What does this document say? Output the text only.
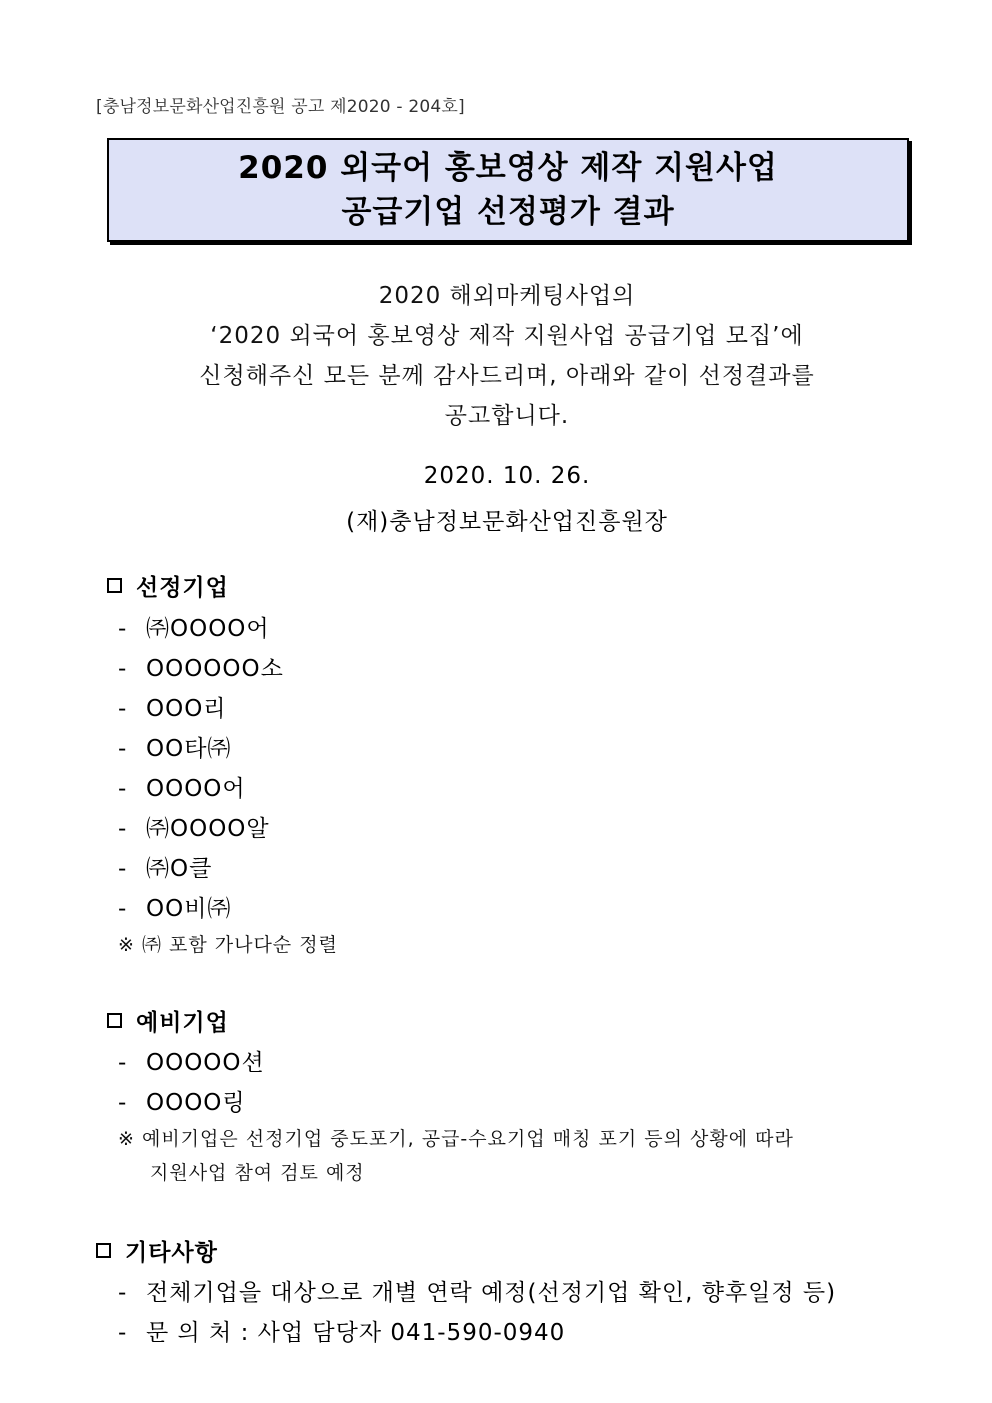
[충남정보문화산업진흥원 공고 제2020 - 204호]
2020 외국어 홍보영상 제작 지원사업
공급기업 선정평가 결과
2020 해외마케팅사업의
‘2020 외국어 홍보영상 제작 지원사업 공급기업 모집’에
신청해주신 모든 분께 감사드리며, 아래와 같이 선정결과를
공고합니다.
2020. 10. 26.
(재)충남정보문화산업진흥원장
선정기업
- ㈜OOOO어
- OOOOOO소
- OOO리
- OO타㈜
- OOOO어
- ㈜OOOO알
- ㈜O클
- OO비㈜
※ ㈜ 포함 가나다순 정렬
예비기업
- OOOOO션
- OOOO링
※ 예비기업은 선정기업 중도포기, 공급-수요기업 매칭 포기 등의 상황에 따라
지원사업 참여 검토 예정
기타사항
- 전체기업을 대상으로 개별 연락 예정(선정기업 확인, 향후일정 등)
- 문 의 처 : 사업 담당자 041-590-0940
